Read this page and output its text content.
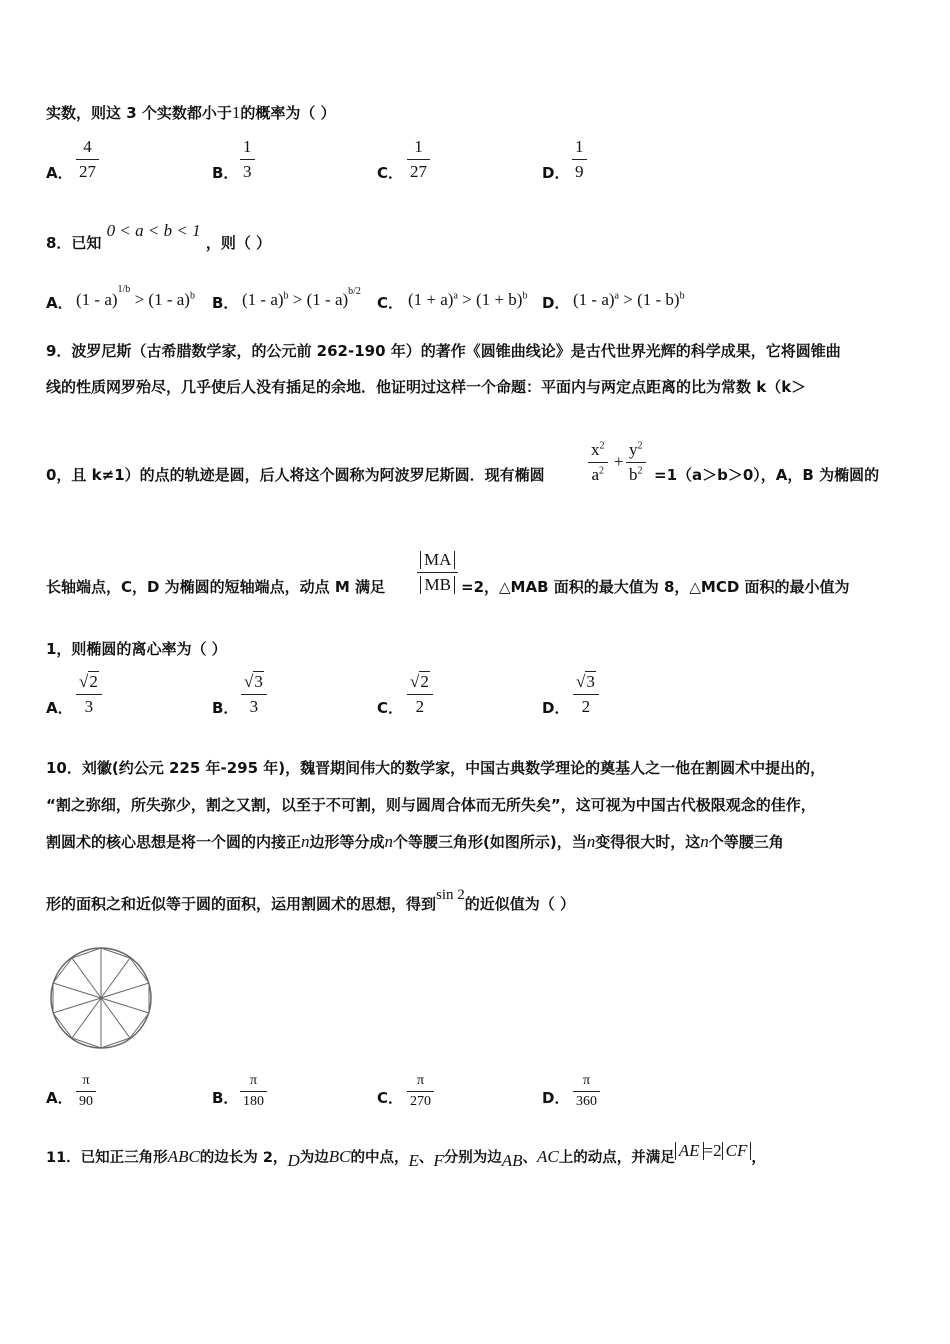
实数，则这 3 个实数都小于1的概率为（ ）
A．
4
27	B．
1
3	C．
1
27	D．
1
9
8．已知 0 < a < b < 1 ，则（ ）
A． (1 - a)$^{1/b}$ > (1 - a)$^b$ B． (1 - a)$^b$ > (1 - a)$^{b/2}$
C． $(1 + a)^a > (1 + b)^b$ D． (1 - a)$^a$ > (1 - b)$^b$
9．波罗尼斯（古希腊数学家，的公元前 262-190 年）的著作《圆锥曲线论》是古代世界光辉的科学成果，它将圆锥曲
线的性质网罗殆尽，几乎使后人没有插足的余地．他证明过这样一个命题：平面内与两定点距离的比为常数 k（k＞
0，且 k≠1）的点的轨迹是圆，后人将这个圆称为阿波罗尼斯圆．现有椭圆
$x^2$
$a^2$ +
$y^2$
$b^2 =1(a>b>0)$，A，B 为椭圆的
长轴端点，C，D 为椭圆的短轴端点，动点 M 满足
MA
MB =2，△MAB 面积的最大值为 8，△MCD 面积的最小值为
1，则椭圆的离心率为（ ）
A．
√2
3	B．
√3
3	C．
√2
2	D．
√3
2
10．刘徽(约公元 225 年-295 年)，魏晋期间伟大的数学家，中国古典数学理论的奠基人之一他在割圆术中提出的，
“割之弥细，所失弥少，割之又割，以至于不可割，则与圆周合体而无所失矣”，这可视为中国古代极限观念的佳作，
割圆术的核心思想是将一个圆的内接正n边形等分成n个等腰三角形(如图所示)，当n变得很大时，这n个等腰三角
形的面积之和近似等于圆的面积，运用割圆术的思想，得到sin 2的近似值为（ ）
A．
π
90	B．
π
180	C．
π
270	D．
π
360
11．已知正三角形ABC的边长为 2，D为边BC的中点，E、F分别为边AB、AC上的动点，并满足 AE =2 CF ，
